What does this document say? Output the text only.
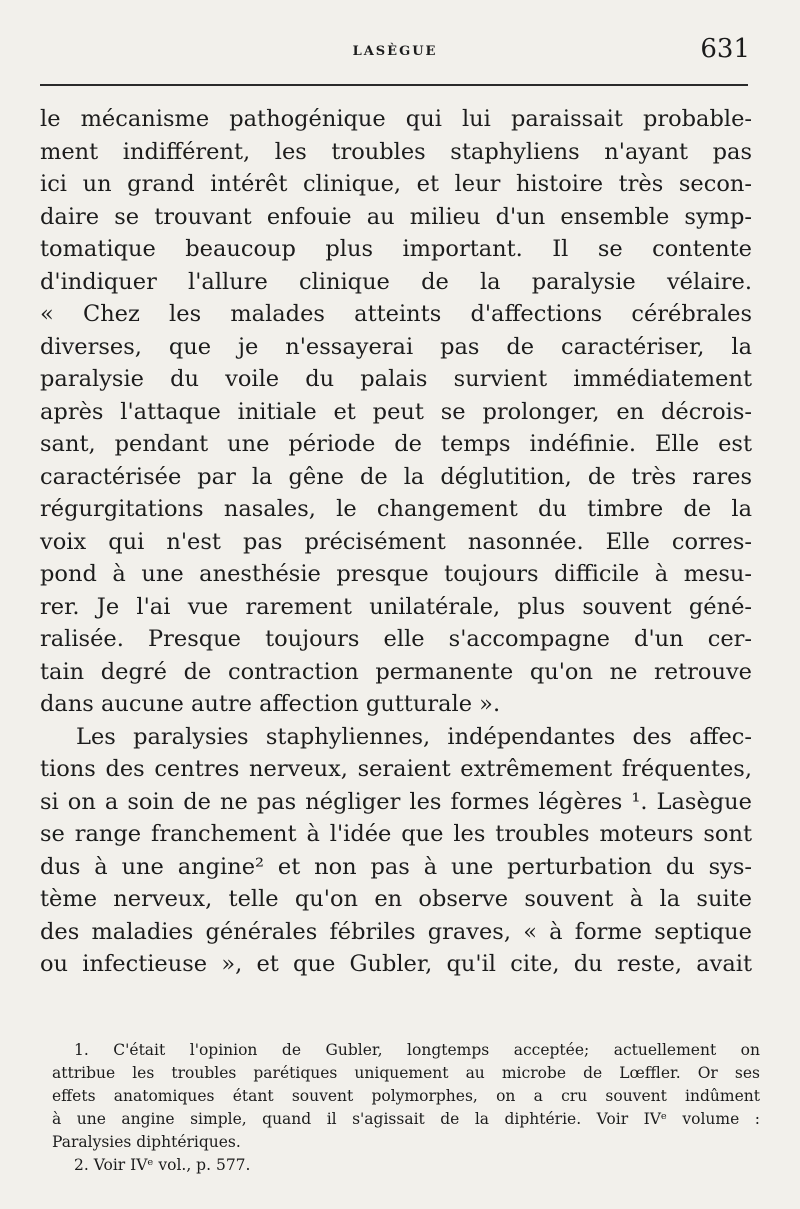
LASÈGUE	631
le mécanisme pathogénique qui lui paraissait probable-
ment indifférent, les troubles staphyliens n'ayant pas
ici un grand intérêt clinique, et leur histoire très secon-
daire se trouvant enfouie au milieu d'un ensemble symp-
tomatique beaucoup plus important. Il se contente
d'indiquer l'allure clinique de la paralysie vélaire.
« Chez les malades atteints d'affections cérébrales
diverses, que je n'essayerai pas de caractériser, la
paralysie du voile du palais survient immédiatement
après l'attaque initiale et peut se prolonger, en décrois-
sant, pendant une période de temps indéfinie. Elle est
caractérisée par la gêne de la déglutition, de très rares
régurgitations nasales, le changement du timbre de la
voix qui n'est pas précisément nasonnée. Elle corres-
pond à une anesthésie presque toujours difficile à mesu-
rer. Je l'ai vue rarement unilatérale, plus souvent géné-
ralisée. Presque toujours elle s'accompagne d'un cer-
tain degré de contraction permanente qu'on ne retrouve
dans aucune autre affection gutturale ».
Les paralysies staphyliennes, indépendantes des affec-
tions des centres nerveux, seraient extrêmement fréquentes,
si on a soin de ne pas négliger les formes légères ¹. Lasègue
se range franchement à l'idée que les troubles moteurs sont
dus à une angine² et non pas à une perturbation du sys-
tème nerveux, telle qu'on en observe souvent à la suite
des maladies générales fébriles graves, « à forme septique
ou infectieuse », et que Gubler, qu'il cite, du reste, avait
1. C'était l'opinion de Gubler, longtemps acceptée; actuellement on
attribue les troubles parétiques uniquement au microbe de Lœffler. Or ses
effets anatomiques étant souvent polymorphes, on a cru souvent indûment
à une angine simple, quand il s'agissait de la diphtérie. Voir IVᵉ volume :
Paralysies diphtériques.
2. Voir IVᵉ vol., p. 577.
